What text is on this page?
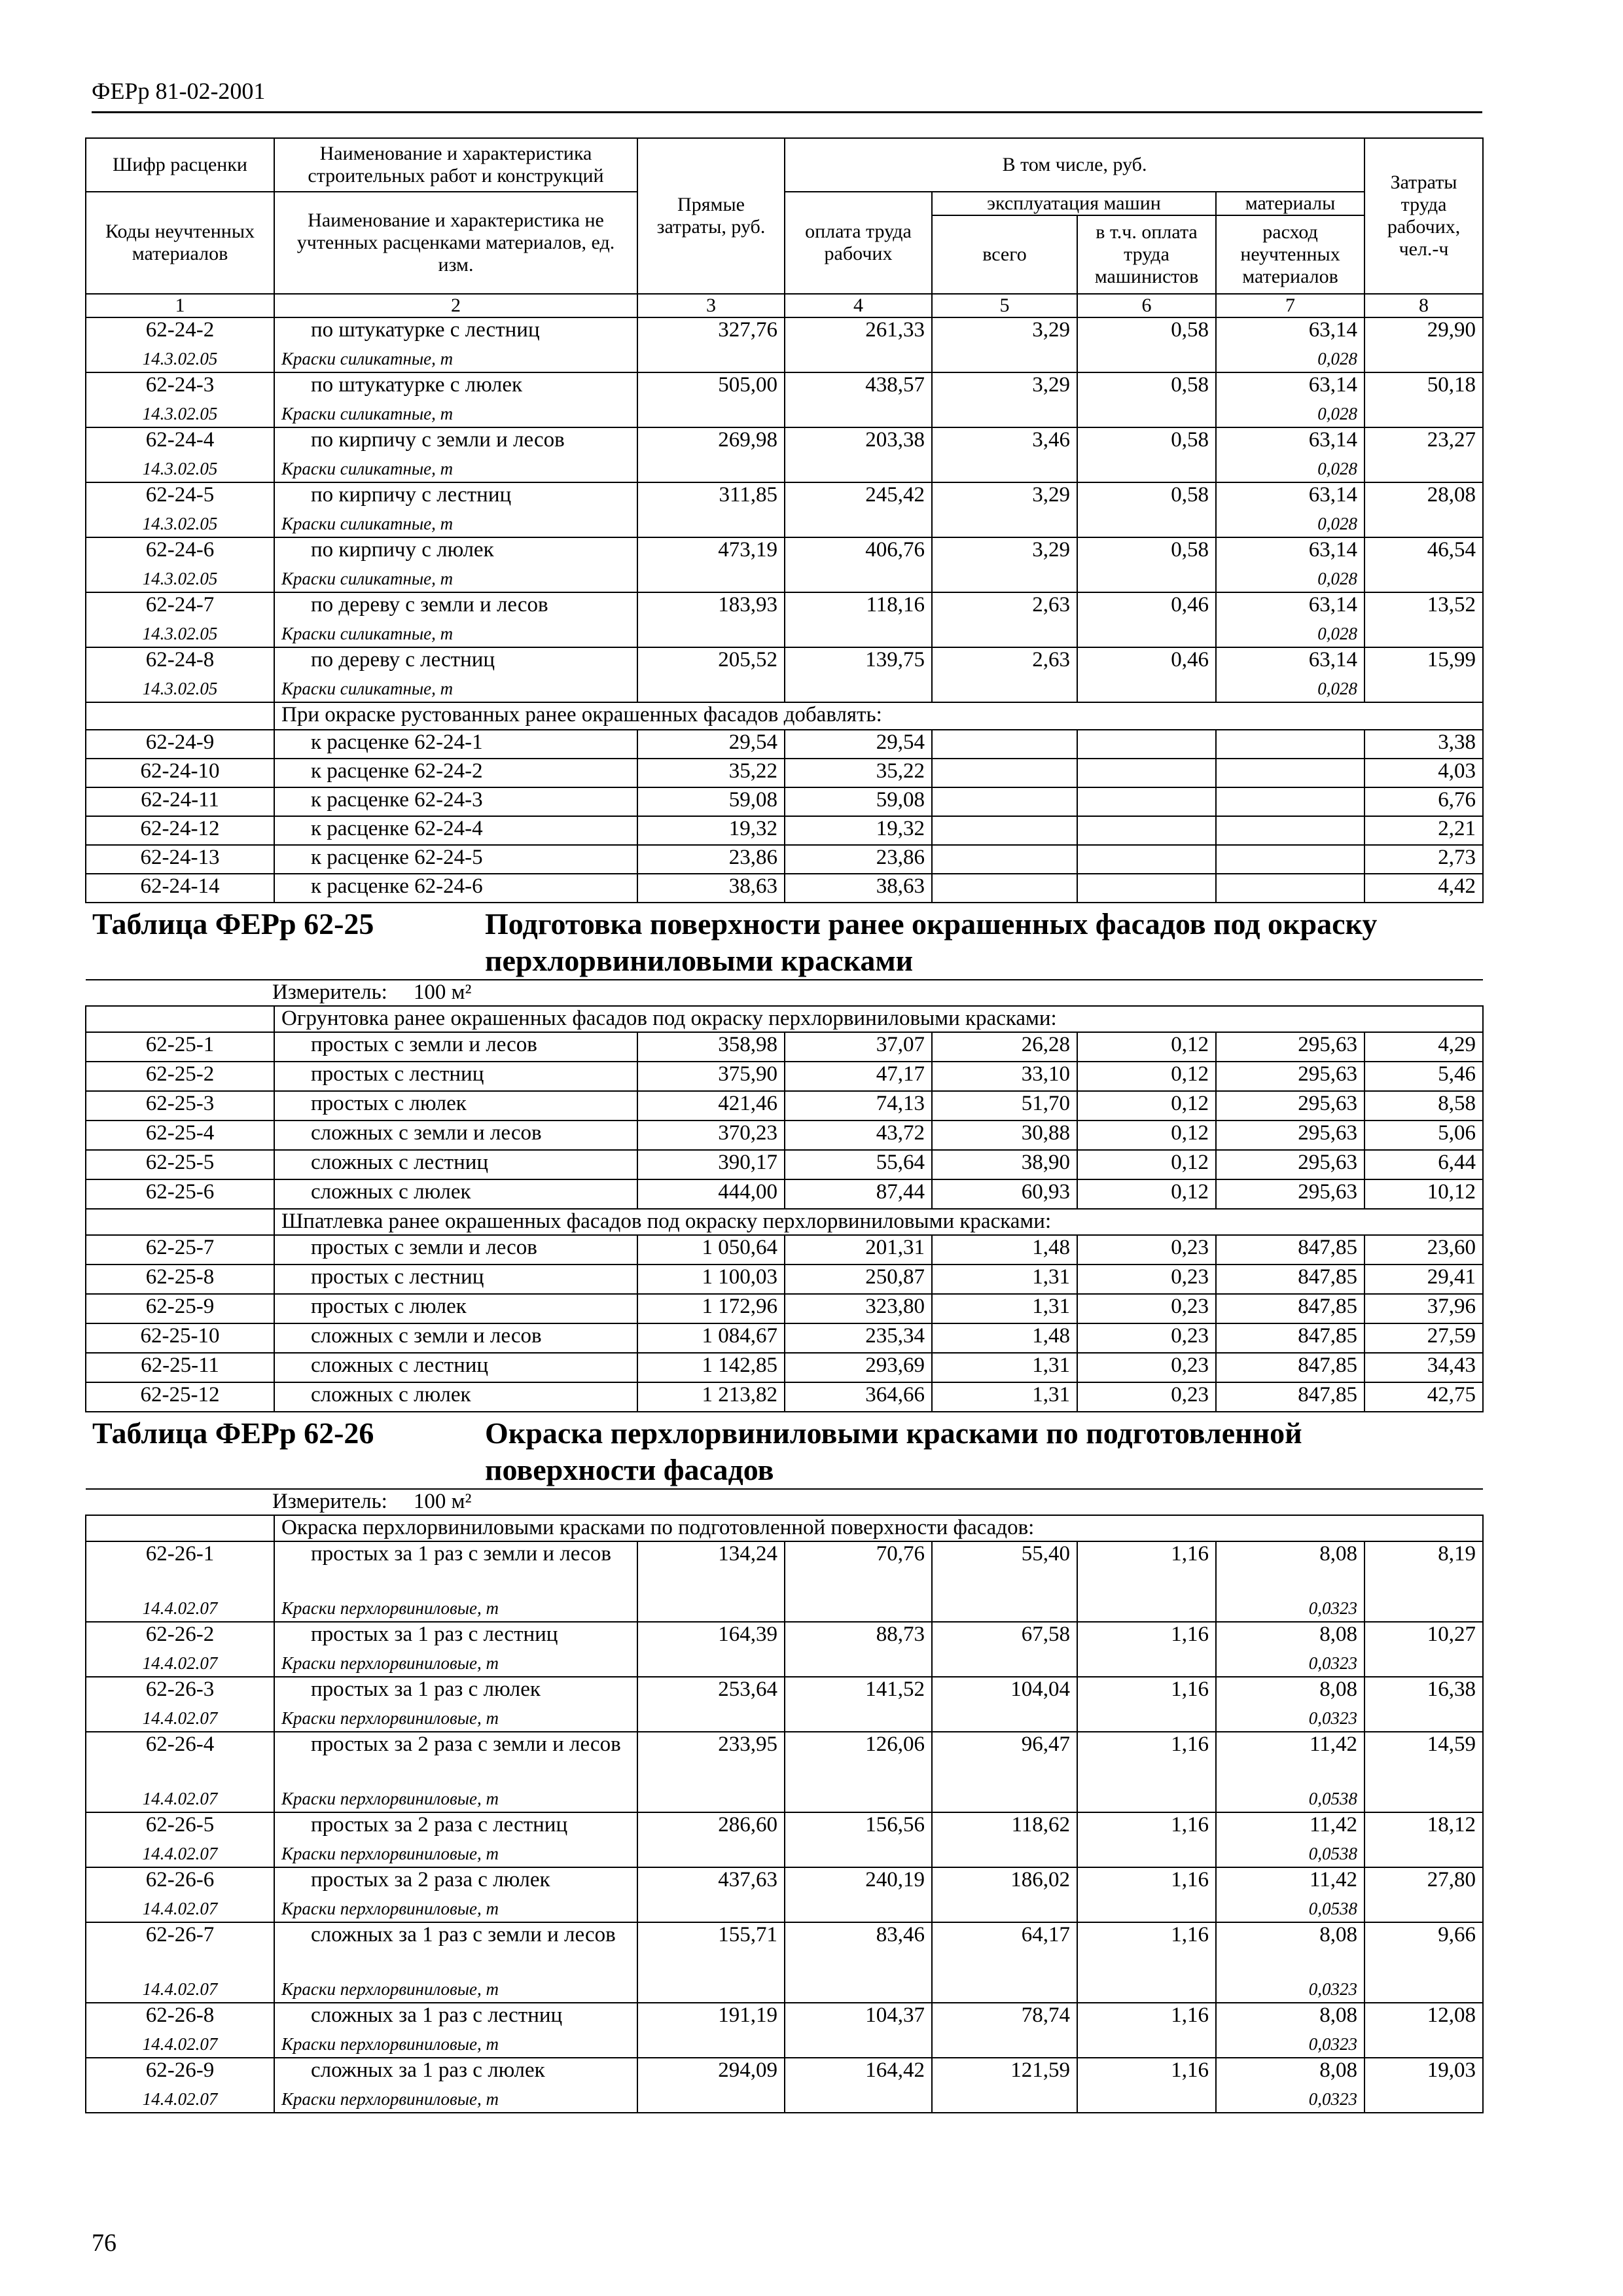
ФЕРр 81-02-2001
Шифр расценки	Наименование и характеристика строительных работ и конструкций	Прямые затраты, руб.	В том числе, руб.				Затраты труда рабочих, чел.-ч
Коды неучтенных материалов	Наименование и характеристика не учтенных расценками материалов, ед. изм.		оплата труда рабочих	эксплуатация машин		материалы	
				всего	в т.ч. оплата труда машинистов	расход неучтенных материалов	
1	2	3	4	5	6	7	8
62-24-2	по штукатурке с лестниц	327,76	261,33	3,29	0,58	63,14	29,90
14.3.02.05	Краски силикатные, т					0,028	
62-24-3	по штукатурке с люлек	505,00	438,57	3,29	0,58	63,14	50,18
14.3.02.05	Краски силикатные, т					0,028	
62-24-4	по кирпичу с земли и лесов	269,98	203,38	3,46	0,58	63,14	23,27
14.3.02.05	Краски силикатные, т					0,028	
62-24-5	по кирпичу с лестниц	311,85	245,42	3,29	0,58	63,14	28,08
14.3.02.05	Краски силикатные, т					0,028	
62-24-6	по кирпичу с люлек	473,19	406,76	3,29	0,58	63,14	46,54
14.3.02.05	Краски силикатные, т					0,028	
62-24-7	по дереву с земли и лесов	183,93	118,16	2,63	0,46	63,14	13,52
14.3.02.05	Краски силикатные, т					0,028	
62-24-8	по дереву с лестниц	205,52	139,75	2,63	0,46	63,14	15,99
14.3.02.05	Краски силикатные, т					0,028	
	При окраске рустованных ранее окрашенных фасадов добавлять:						
62-24-9	к расценке 62-24-1	29,54	29,54				3,38
62-24-10	к расценке 62-24-2	35,22	35,22				4,03
62-24-11	к расценке 62-24-3	59,08	59,08				6,76
62-24-12	к расценке 62-24-4	19,32	19,32				2,21
62-24-13	к расценке 62-24-5	23,86	23,86				2,73
62-24-14	к расценке 62-24-6	38,63	38,63				4,42
Таблица ФЕРр 62-25 Подготовка поверхности ранее окрашенных фасадов под окраску перхлорвиниловыми красками							
Измеритель: 100 м²							
	Огрунтовка ранее окрашенных фасадов под окраску перхлорвиниловыми красками:						
62-25-1	простых с земли и лесов	358,98	37,07	26,28	0,12	295,63	4,29
62-25-2	простых с лестниц	375,90	47,17	33,10	0,12	295,63	5,46
62-25-3	простых с люлек	421,46	74,13	51,70	0,12	295,63	8,58
62-25-4	сложных с земли и лесов	370,23	43,72	30,88	0,12	295,63	5,06
62-25-5	сложных с лестниц	390,17	55,64	38,90	0,12	295,63	6,44
62-25-6	сложных с люлек	444,00	87,44	60,93	0,12	295,63	10,12
	Шпатлевка ранее окрашенных фасадов под окраску перхлорвиниловыми красками:						
62-25-7	простых с земли и лесов	1 050,64	201,31	1,48	0,23	847,85	23,60
62-25-8	простых с лестниц	1 100,03	250,87	1,31	0,23	847,85	29,41
62-25-9	простых с люлек	1 172,96	323,80	1,31	0,23	847,85	37,96
62-25-10	сложных с земли и лесов	1 084,67	235,34	1,48	0,23	847,85	27,59
62-25-11	сложных с лестниц	1 142,85	293,69	1,31	0,23	847,85	34,43
62-25-12	сложных с люлек	1 213,82	364,66	1,31	0,23	847,85	42,75
Таблица ФЕРр 62-26 Окраска перхлорвиниловыми красками по подготовленной поверхности фасадов							
Измеритель: 100 м²							
	Окраска перхлорвиниловыми красками по подготовленной поверхности фасадов:						
62-26-1	простых за 1 раз с земли и лесов	134,24	70,76	55,40	1,16	8,08	8,19
14.4.02.07	Краски перхлорвиниловые, т					0,0323	
62-26-2	простых за 1 раз с лестниц	164,39	88,73	67,58	1,16	8,08	10,27
14.4.02.07	Краски перхлорвиниловые, т					0,0323	
62-26-3	простых за 1 раз с люлек	253,64	141,52	104,04	1,16	8,08	16,38
14.4.02.07	Краски перхлорвиниловые, т					0,0323	
62-26-4	простых за 2 раза с земли и лесов	233,95	126,06	96,47	1,16	11,42	14,59
14.4.02.07	Краски перхлорвиниловые, т					0,0538	
62-26-5	простых за 2 раза с лестниц	286,60	156,56	118,62	1,16	11,42	18,12
14.4.02.07	Краски перхлорвиниловые, т					0,0538	
62-26-6	простых за 2 раза с люлек	437,63	240,19	186,02	1,16	11,42	27,80
14.4.02.07	Краски перхлорвиниловые, т					0,0538	
62-26-7	сложных за 1 раз с земли и лесов	155,71	83,46	64,17	1,16	8,08	9,66
14.4.02.07	Краски перхлорвиниловые, т					0,0323	
62-26-8	сложных за 1 раз с лестниц	191,19	104,37	78,74	1,16	8,08	12,08
14.4.02.07	Краски перхлорвиниловые, т					0,0323	
62-26-9	сложных за 1 раз с люлек	294,09	164,42	121,59	1,16	8,08	19,03
14.4.02.07	Краски перхлорвиниловые, т					0,0323	
76
